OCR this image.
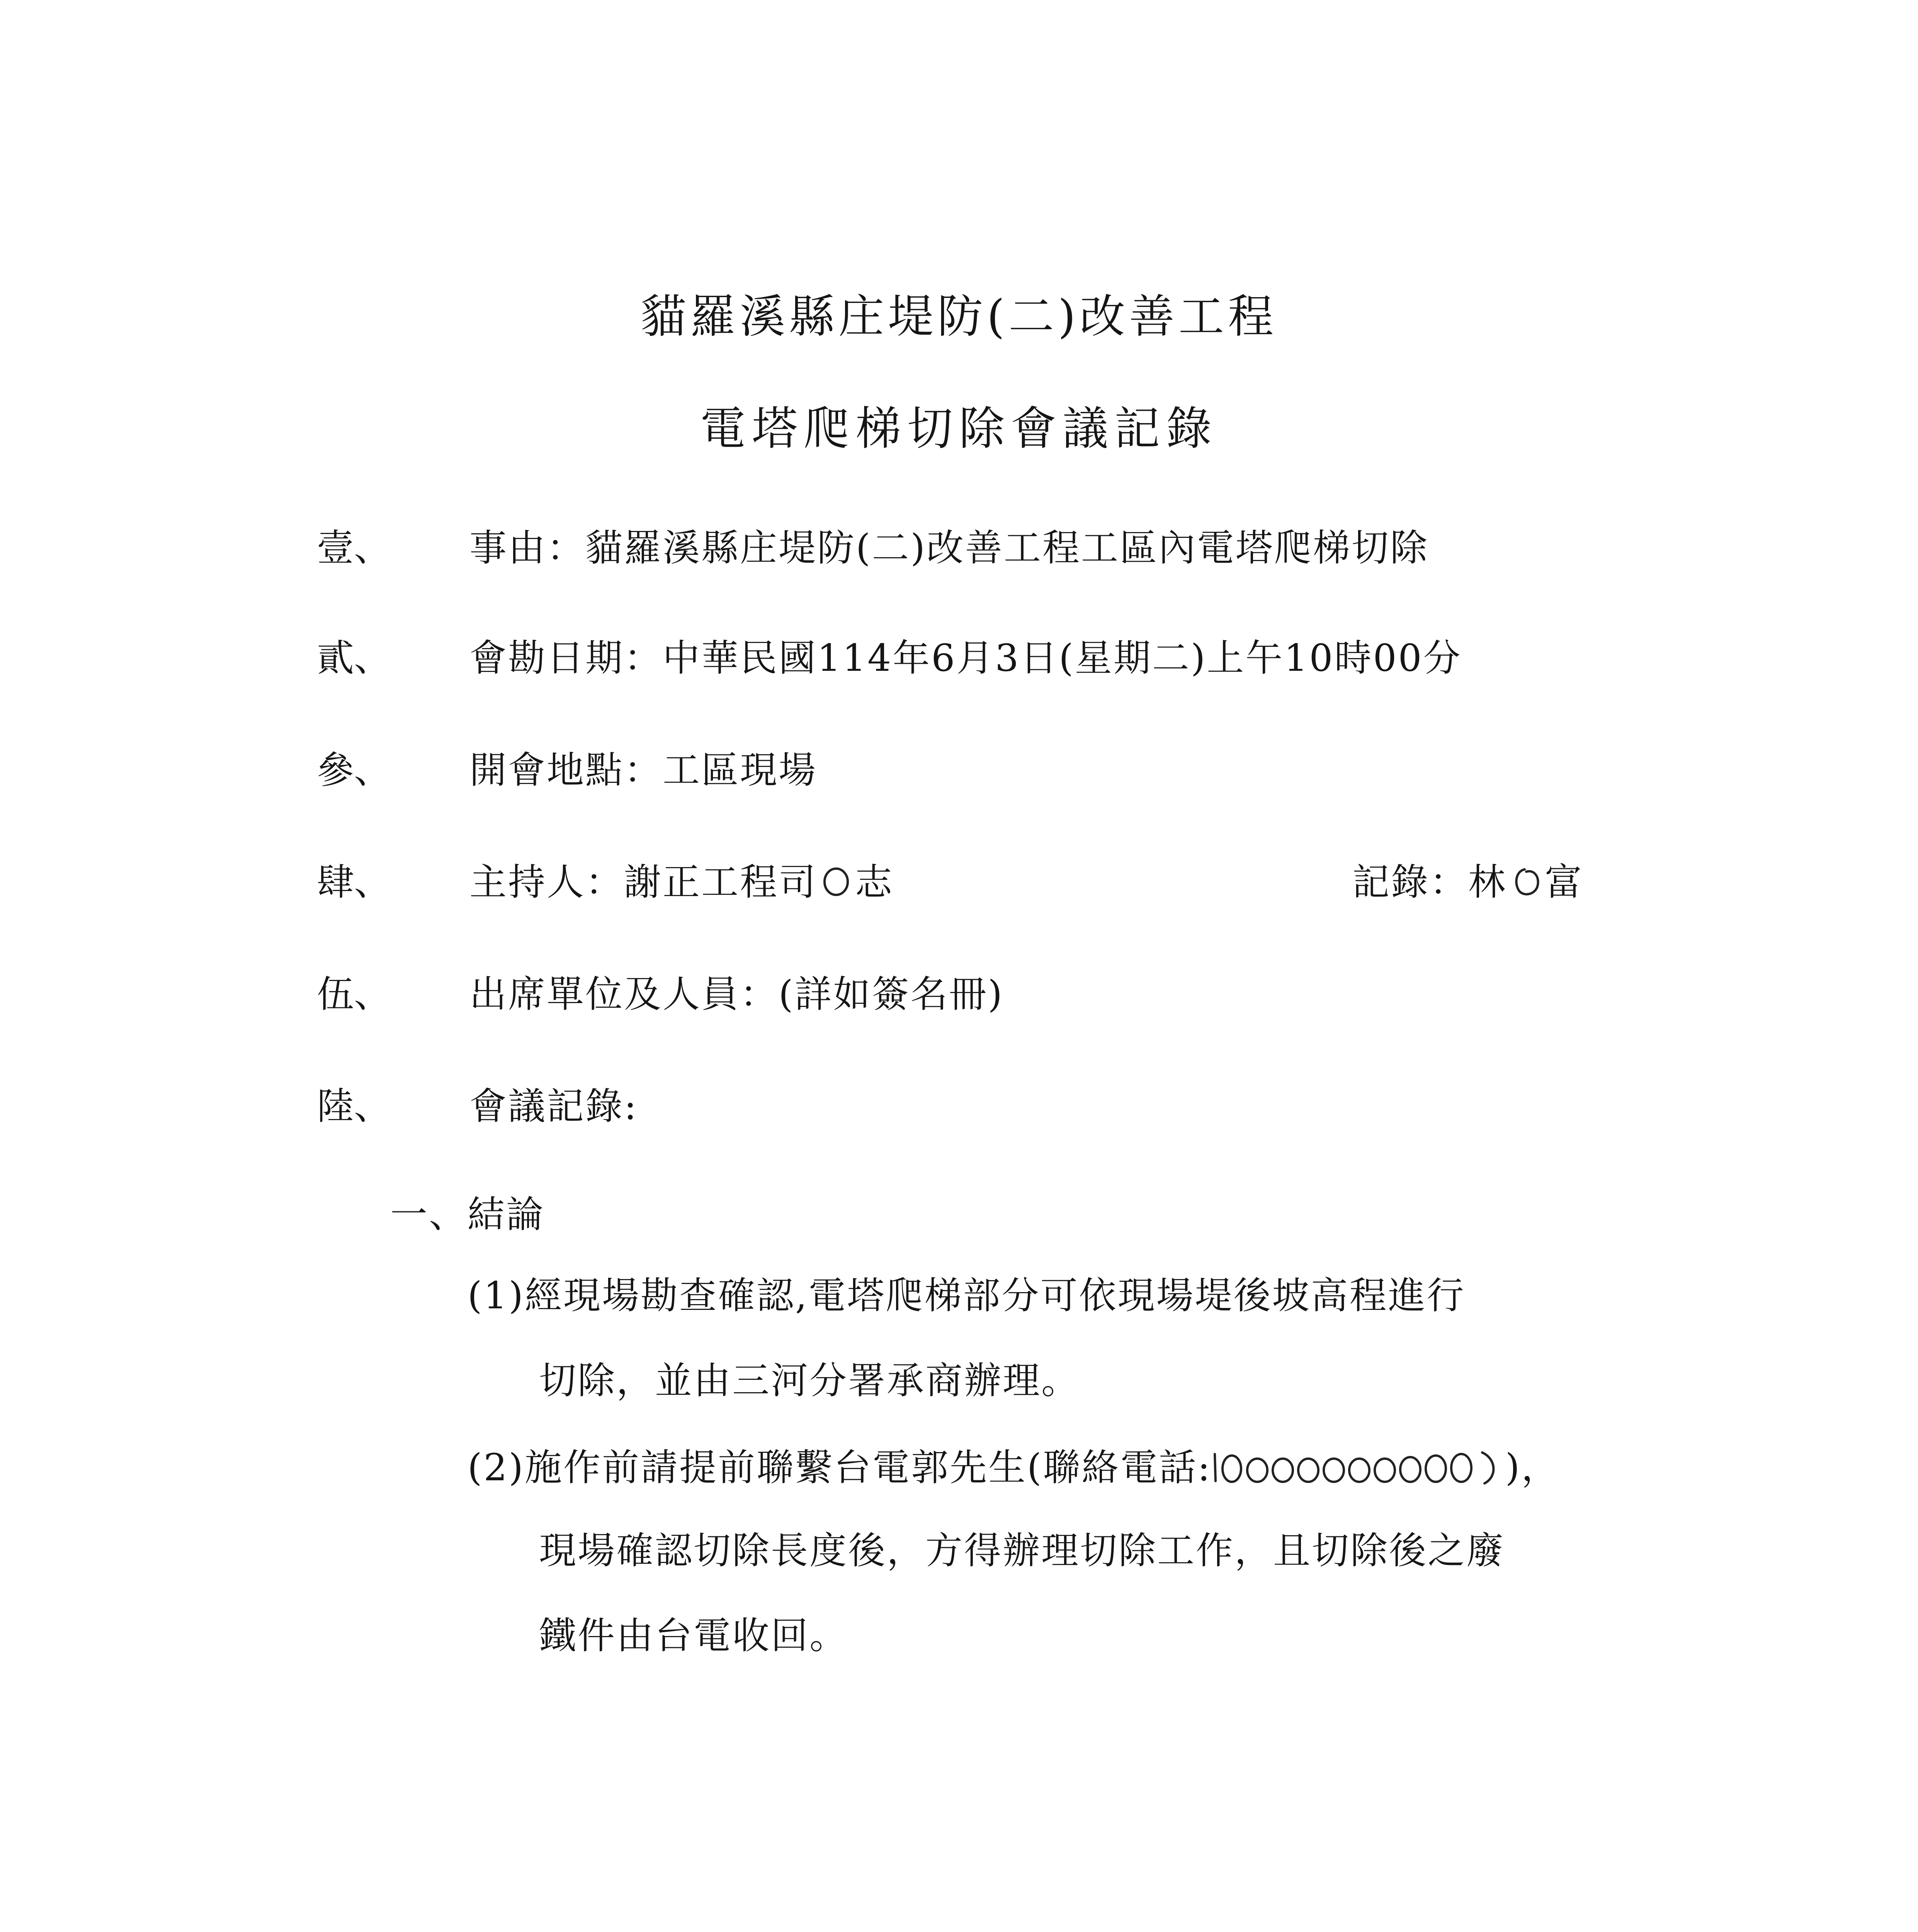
貓羅溪縣庄堤防(二)改善工程
電塔爬梯切除會議記錄
壹、 事由：貓羅溪縣庄堤防(二)改善工程工區內電塔爬梯切除
貳、 會勘日期：中華民國114年6月3日(星期二)上午10時00分
參、 開會地點：工區現場
肆、 主持人：謝正工程司 志	記錄：林 富
伍、 出席單位及人員：(詳如簽名冊)
陸、 會議記錄:
一、結論
(1)經現場勘查確認,電塔爬梯部分可依現場堤後坡高程進行
切除，並由三河分署承商辦理。
(2)施作前請提前聯繫台電郭先生(聯絡電話:	)，
現場確認切除長度後，方得辦理切除工作，且切除後之廢
鐵件由台電收回。
